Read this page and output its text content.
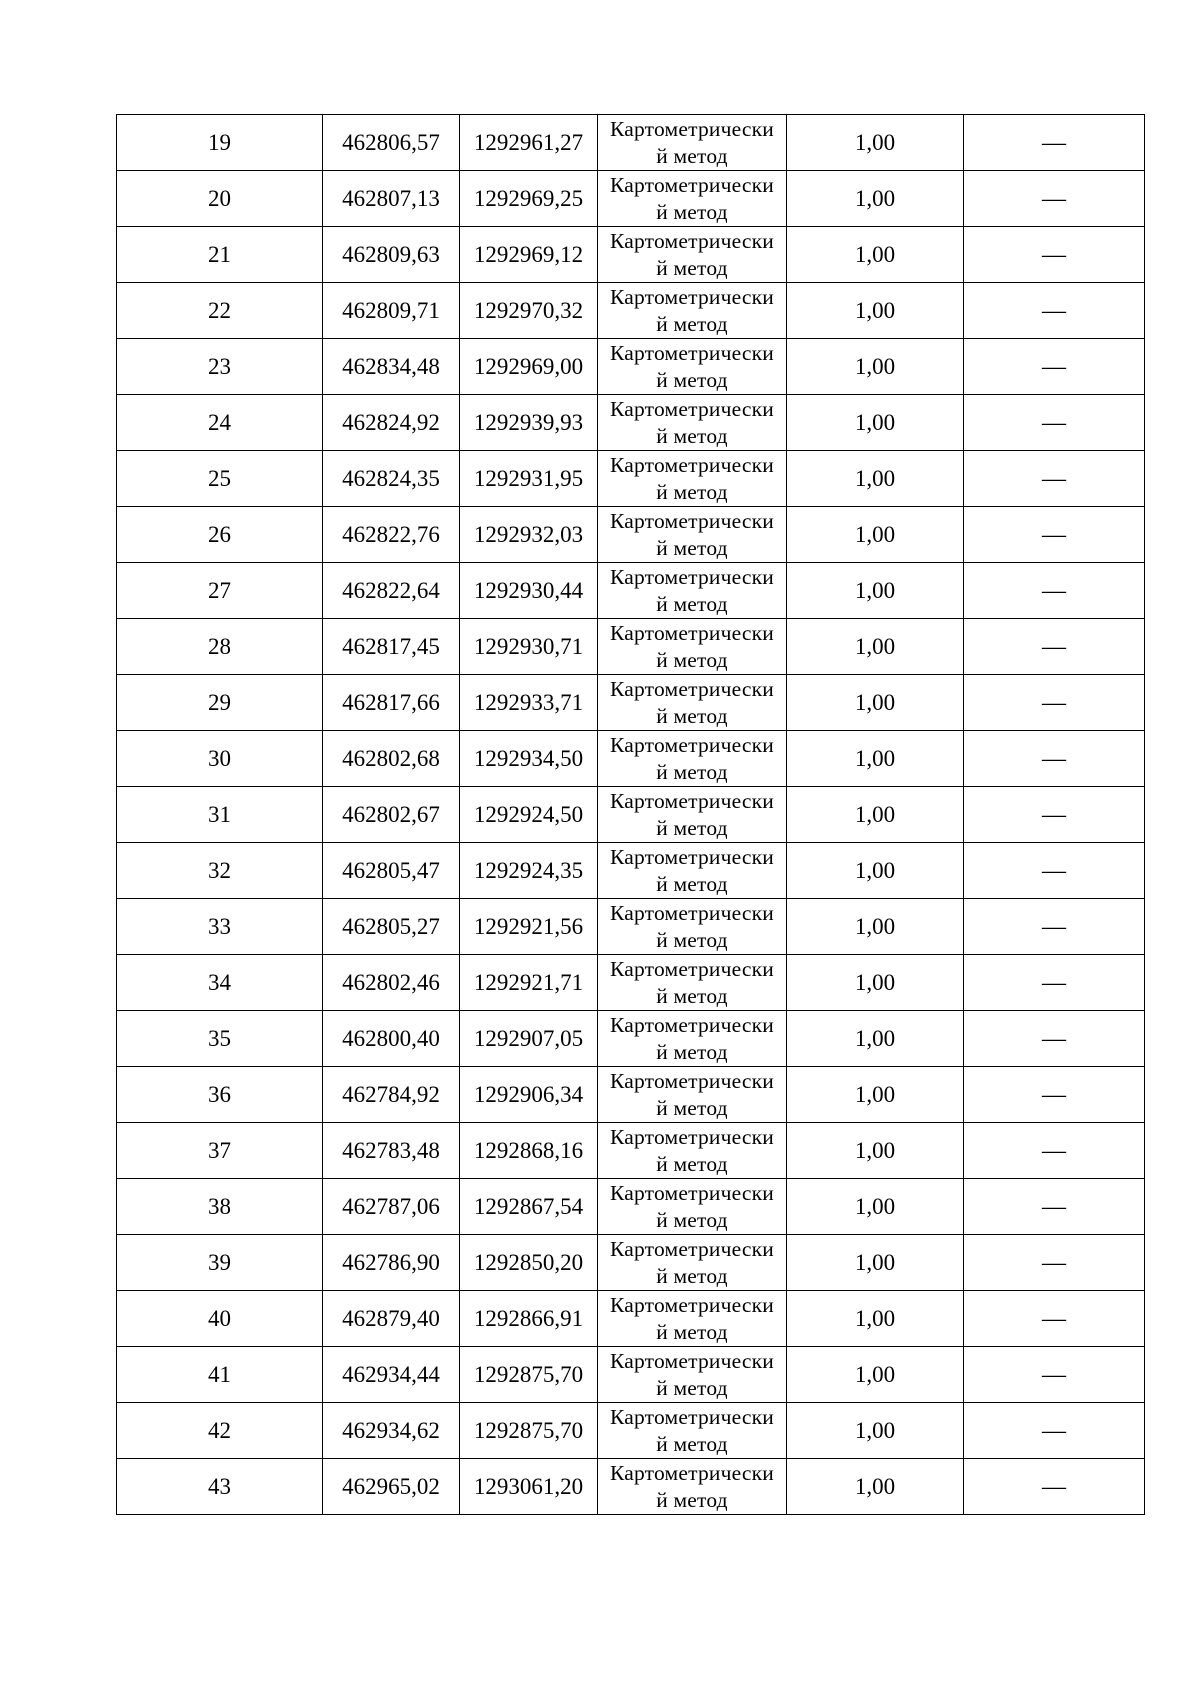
19	462806,57	1292961,27	Картометрически
й метод	1,00	—
20	462807,13	1292969,25	Картометрически
й метод	1,00	—
21	462809,63	1292969,12	Картометрически
й метод	1,00	—
22	462809,71	1292970,32	Картометрически
й метод	1,00	—
23	462834,48	1292969,00	Картометрически
й метод	1,00	—
24	462824,92	1292939,93	Картометрически
й метод	1,00	—
25	462824,35	1292931,95	Картометрически
й метод	1,00	—
26	462822,76	1292932,03	Картометрически
й метод	1,00	—
27	462822,64	1292930,44	Картометрически
й метод	1,00	—
28	462817,45	1292930,71	Картометрически
й метод	1,00	—
29	462817,66	1292933,71	Картометрически
й метод	1,00	—
30	462802,68	1292934,50	Картометрически
й метод	1,00	—
31	462802,67	1292924,50	Картометрически
й метод	1,00	—
32	462805,47	1292924,35	Картометрически
й метод	1,00	—
33	462805,27	1292921,56	Картометрически
й метод	1,00	—
34	462802,46	1292921,71	Картометрически
й метод	1,00	—
35	462800,40	1292907,05	Картометрически
й метод	1,00	—
36	462784,92	1292906,34	Картометрически
й метод	1,00	—
37	462783,48	1292868,16	Картометрически
й метод	1,00	—
38	462787,06	1292867,54	Картометрически
й метод	1,00	—
39	462786,90	1292850,20	Картометрически
й метод	1,00	—
40	462879,40	1292866,91	Картометрически
й метод	1,00	—
41	462934,44	1292875,70	Картометрически
й метод	1,00	—
42	462934,62	1292875,70	Картометрически
й метод	1,00	—
43	462965,02	1293061,20	Картометрически
й метод	1,00	—
